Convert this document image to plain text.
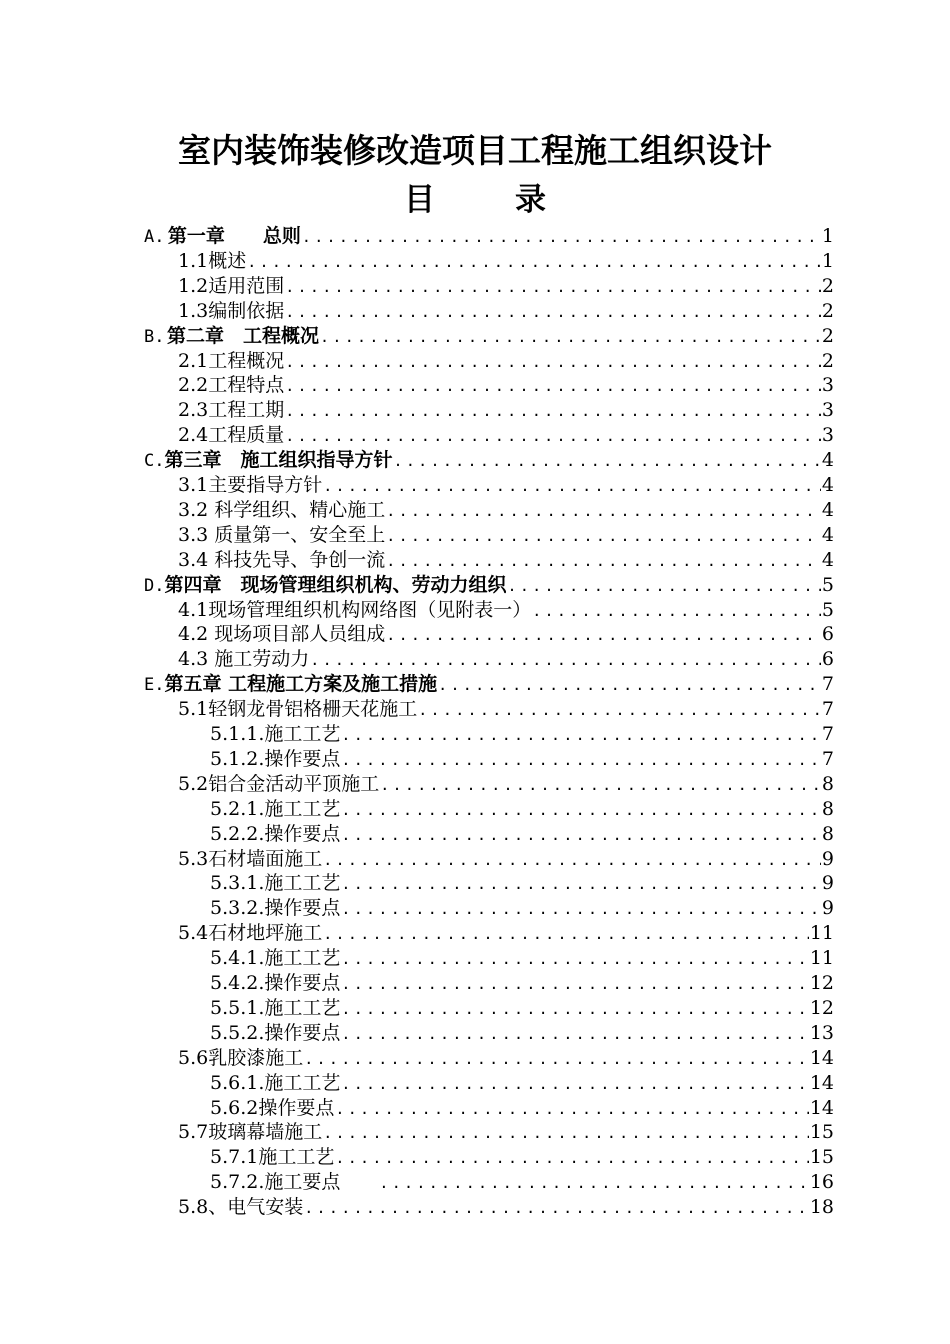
室内装饰装修改造项目工程施工组织设计
目	录
A. 第一章　　总则 .....	1
1.1概述 .....	1
1.2适用范围 .....	2
1.3编制依据 .....	2
B. 第二章　工程概况 .....	2
2.1工程概况 .....	2
2.2工程特点 .....	3
2.3工程工期 .....	3
2.4工程质量 .....	3
C. 第三章　施工组织指导方针 .....	4
3.1主要指导方针 .....	4
3.2 科学组织、精心施工 .....	4
3.3 质量第一、安全至上 .....	4
3.4 科技先导、争创一流 .....	4
D. 第四章　现场管理组织机构、劳动力组织 .....	5
4.1现场管理组织机构网络图（见附表一） .....	5
4.2 现场项目部人员组成 .....	6
4.3 施工劳动力 .....	6
E. 第五章 工程施工方案及施工措施 .....	7
5.1轻钢龙骨铝格栅天花施工 .....	7
5.1.1.施工工艺 .....	7
5.1.2.操作要点 .....	7
5.2铝合金活动平顶施工 .....	8
5.2.1.施工工艺 .....	8
5.2.2.操作要点 .....	8
5.3石材墙面施工 .....	9
5.3.1.施工工艺 .....	9
5.3.2.操作要点 .....	9
5.4石材地坪施工 .....	11
5.4.1.施工工艺 .....	11
5.4.2.操作要点 .....	12
5.5.1.施工工艺 .....	12
5.5.2.操作要点 .....	13
5.6乳胶漆施工 .....	14
5.6.1.施工工艺 .....	14
5.6.2操作要点 .....	14
5.7玻璃幕墙施工 .....	15
5.7.1施工工艺 .....	15
5.7.2.施工要点　　 .....	16
5.8、电气安装 .....	18
